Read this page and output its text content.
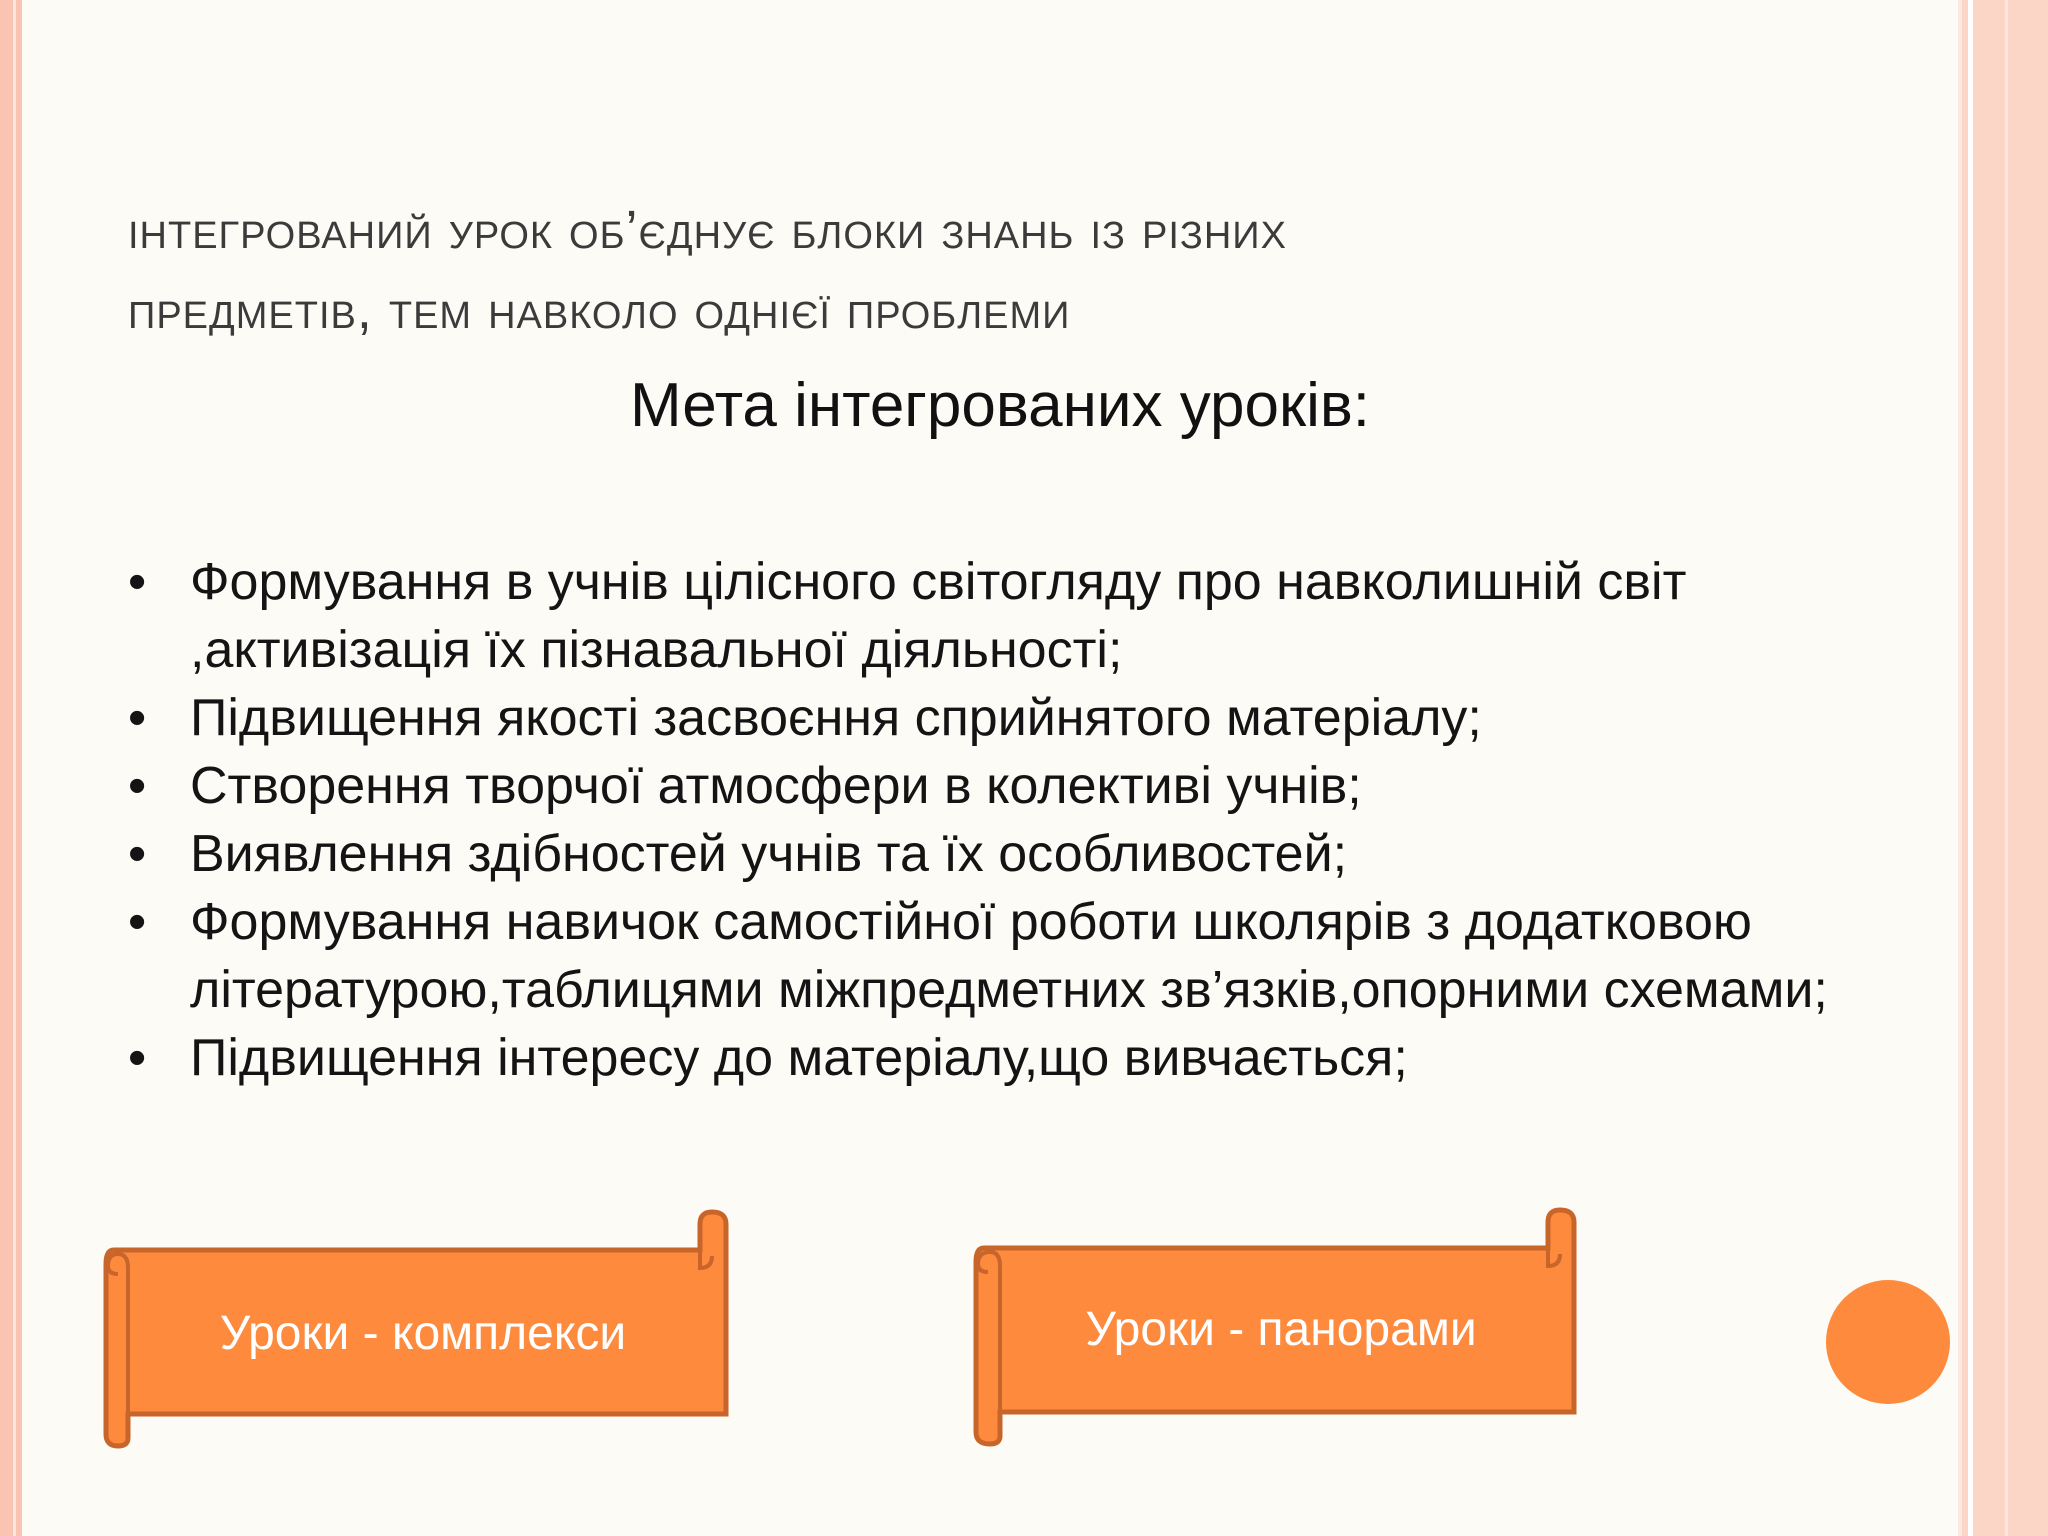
інтегрований урок об’єднує блоки знань із різних
предметів, тем навколо однієї проблеми
Мета інтегрованих уроків:
• Формування в учнів цілісного світогляду про навколишній світ ,активізація їх пізнавальної діяльності;
• Підвищення якості засвоєння сприйнятого матеріалу;
• Створення творчої атмосфери в колективі учнів;
• Виявлення здібностей учнів та їх особливостей;
• Формування навичок самостійної роботи школярів з додатковою літературою,таблицями міжпредметних зв’язків,опорними схемами;
• Підвищення інтересу до матеріалу,що вивчається;
Уроки - комплекси	Уроки - панорами
